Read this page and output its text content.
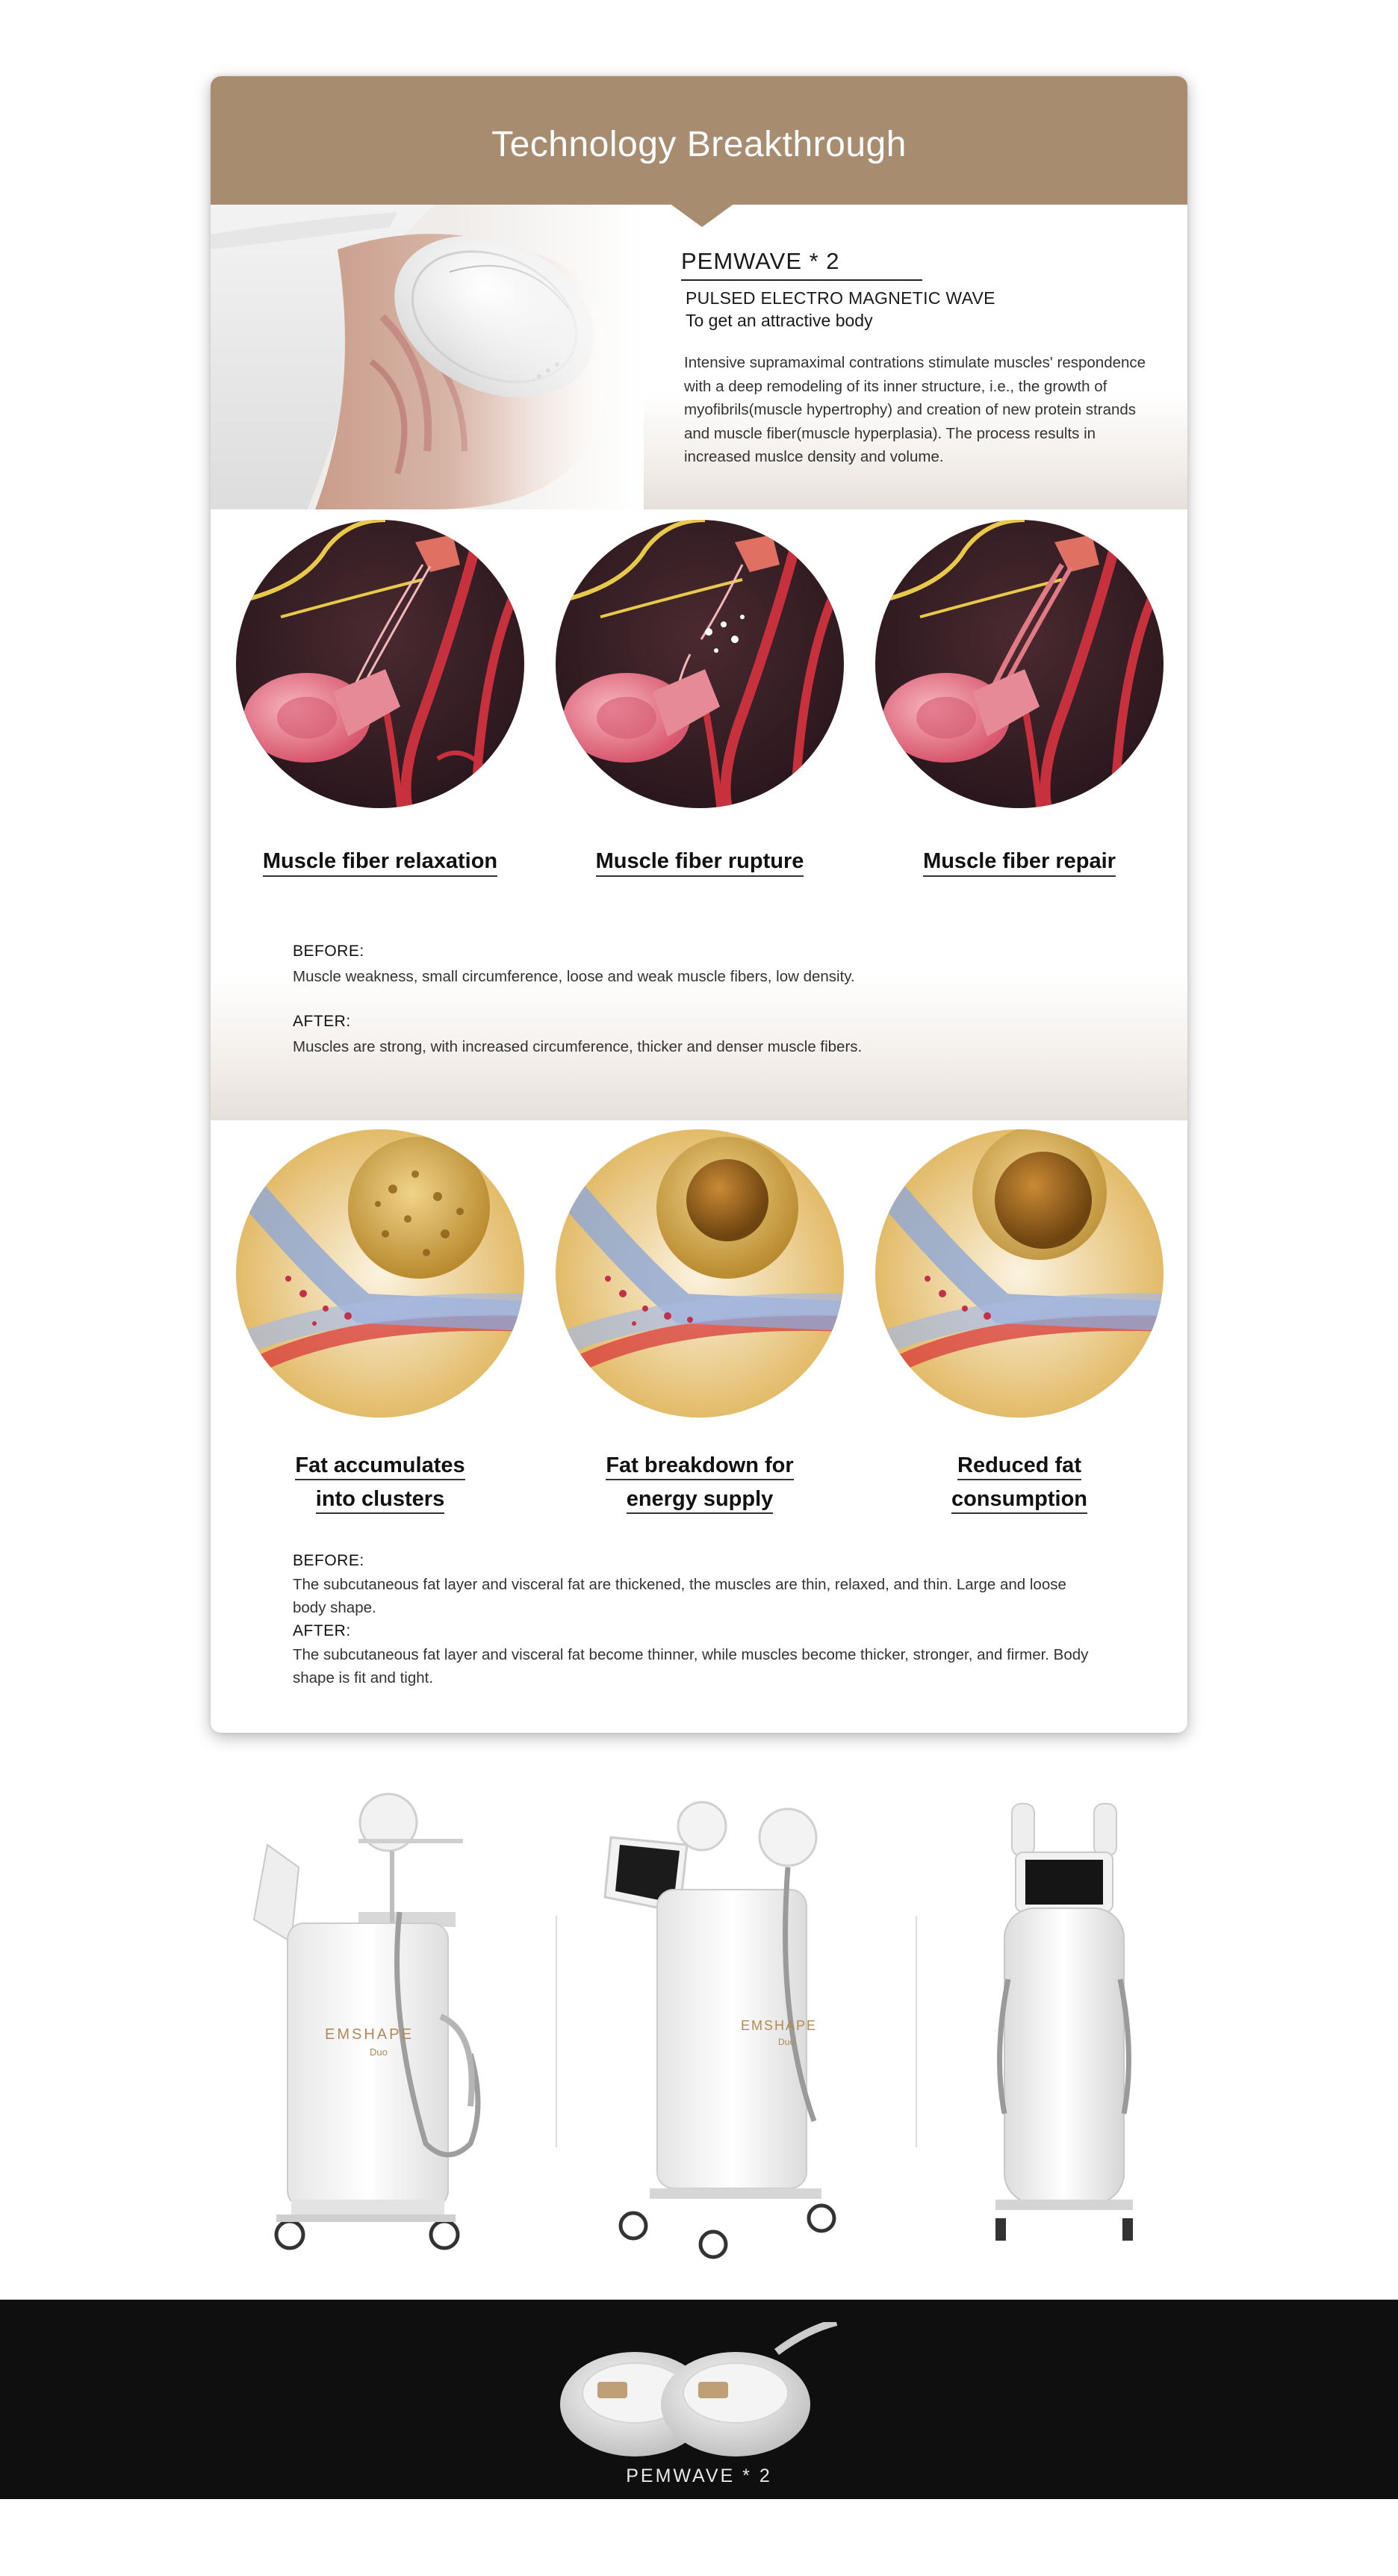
Technology Breakthrough
PEMWAVE * 2
PULSED ELECTRO MAGNETIC WAVE
To get an attractive body
Intensive supramaximal contrations stimulate muscles' respondence with a deep remodeling of its inner structure, i.e., the growth of myofibrils(muscle hypertrophy) and creation of new protein strands and muscle fiber(muscle hyperplasia). The process results in increased muslce density and volume.
Muscle fiber relaxation	Muscle fiber rupture	Muscle fiber repair
BEFORE:
Muscle weakness, small circumference, loose and weak muscle fibers, low density.
AFTER:
Muscles are strong, with increased circumference, thicker and denser muscle fibers.
Fat accumulates
into clusters
Fat breakdown for
energy supply
Reduced fat
consumption
BEFORE:
The subcutaneous fat layer and visceral fat are thickened, the muscles are thin, relaxed, and thin. Large and loose body shape.
AFTER:
The subcutaneous fat layer and visceral fat become thinner, while muscles become thicker, stronger, and firmer. Body shape is fit and tight.
EMSHAPE
Duo
EMSHAPE
Duo
PEMWAVE * 2
